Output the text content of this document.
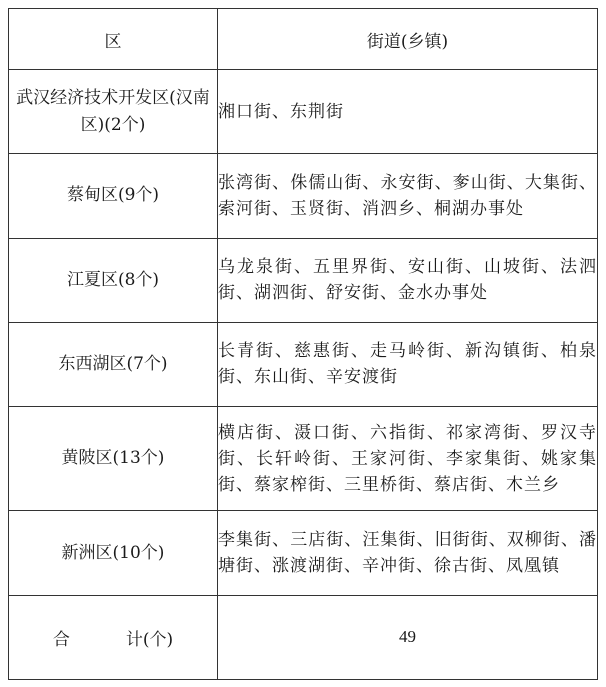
区	街道(乡镇)
武汉经济技术开发区(汉南区)(2个)	湘口街、东荆街
蔡甸区(9个)	张湾街、侏儒山街、永安街、奓山街、大集街、索河街、玉贤街、消泗乡、桐湖办事处
江夏区(8个)	乌龙泉街、五里界街、安山街、山坡街、法泗街、湖泗街、舒安街、金水办事处
东西湖区(7个)	长青街、慈惠街、走马岭街、新沟镇街、柏泉街、东山街、辛安渡街
黄陂区(13个)	横店街、滠口街、六指街、祁家湾街、罗汉寺街、长轩岭街、王家河街、李家集街、姚家集街、蔡家榨街、三里桥街、蔡店街、木兰乡
新洲区(10个)	李集街、三店街、汪集街、旧街街、双柳街、潘塘街、涨渡湖街、辛冲街、徐古街、凤凰镇
合 计(个)	49
